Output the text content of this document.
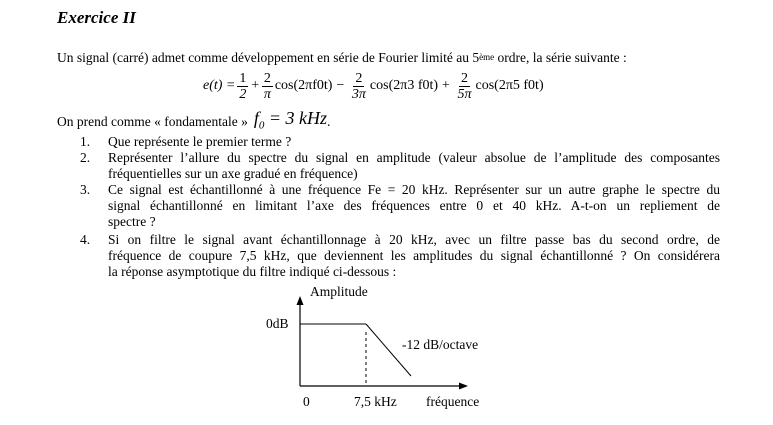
Exercice II
Un signal (carré) admet comme développement en série de Fourier limité au 5ème ordre, la série suivante :
$e(t) = \frac{1}{2} + \frac{2}{\pi} \cos(2\pi f0t) - \frac{2}{3\pi} \cos(2\pi 3$ $f0t) + \frac{2}{5\pi} \cos(2\pi 5$ f0t)
On prend comme « fondamentale » $f_0 = 3$ kHz .
1.	Que représente le premier terme ?
2.	Représenter l’allure du spectre du signal en amplitude (valeur absolue de l’amplitude des composantes
fréquentielles sur un axe gradué en fréquence)
3.	Ce signal est échantillonné à une fréquence Fe = 20 kHz. Représenter sur un autre graphe le spectre du
signal échantillonné en limitant l’axe des fréquences entre 0 et 40 kHz. A-t-on un repliement de
spectre ?
4.	Si on filtre le signal avant échantillonnage à 20 kHz, avec un filtre passe bas du second ordre, de
fréquence de coupure 7,5 kHz, que deviennent les amplitudes du signal échantillonné ? On considérera
la réponse asymptotique du filtre indiqué ci-dessous :
Amplitude
0dB
-12 dB/octave
0	7,5 kHz fréquence
